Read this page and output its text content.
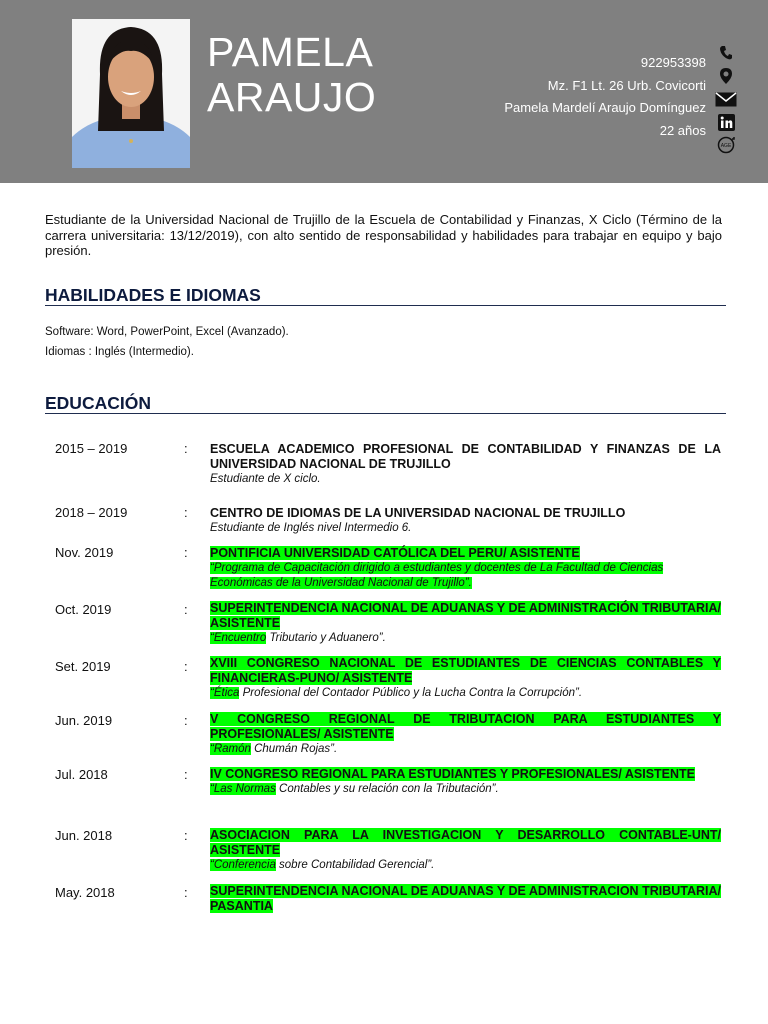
PAMELA
ARAUJO
922953398
Mz. F1 Lt. 26 Urb. Covicorti
Pamela Mardelí Araujo Domínguez
22 años
AGE
Estudiante de la Universidad Nacional de Trujillo de la Escuela de Contabilidad y Finanzas, X Ciclo (Término de la carrera universitaria: 13/12/2019), con alto sentido de responsabilidad y habilidades para trabajar en equipo y bajo presión.
HABILIDADES E IDIOMAS
Software: Word, PowerPoint, Excel (Avanzado).
Idiomas : Inglés (Intermedio).
EDUCACIÓN
2015 – 2019	: ESCUELA ACADEMICO PROFESIONAL DE CONTABILIDAD Y FINANZAS DE LA UNIVERSIDAD NACIONAL DE TRUJILLO
Estudiante de X ciclo.
2018 – 2019	: CENTRO DE IDIOMAS DE LA UNIVERSIDAD NACIONAL DE TRUJILLO
Estudiante de Inglés nivel Intermedio 6.
Nov. 2019	: PONTIFICIA UNIVERSIDAD CATÓLICA DEL PERU/ ASISTENTE
“Programa de Capacitación dirigido a estudiantes y docentes de La Facultad de Ciencias Económicas de la Universidad Nacional de Trujillo”.
Oct. 2019	: SUPERINTENDENCIA NACIONAL DE ADUANAS Y DE ADMINISTRACIÓN TRIBUTARIA/ ASISTENTE
“Encuentro Tributario y Aduanero”.
Set. 2019	: XVIII CONGRESO NACIONAL DE ESTUDIANTES DE CIENCIAS CONTABLES Y FINANCIERAS-PUNO/ ASISTENTE
“Ética Profesional del Contador Público y la Lucha Contra la Corrupción”.
Jun. 2019	: V CONGRESO REGIONAL DE TRIBUTACION PARA ESTUDIANTES Y PROFESIONALES/ ASISTENTE
“Ramón Chumán Rojas”.
Jul. 2018	: IV CONGRESO REGIONAL PARA ESTUDIANTES Y PROFESIONALES/ ASISTENTE
“Las Normas Contables y su relación con la Tributación”.
Jun. 2018	: ASOCIACION PARA LA INVESTIGACION Y DESARROLLO CONTABLE-UNT/ ASISTENTE
“Conferencia sobre Contabilidad Gerencial”.
May. 2018	: SUPERINTENDENCIA NACIONAL DE ADUANAS Y DE ADMINISTRACION TRIBUTARIA/ PASANTIA
